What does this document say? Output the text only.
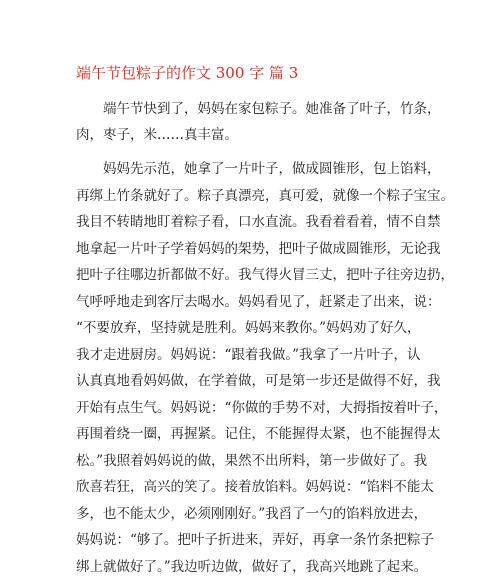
端午节包粽子的作文 300 字 篇 3

端午节快到了，妈妈在家包粽子。她准备了叶子，竹条，

肉，枣子，米……真丰富。

妈妈先示范，她拿了一片叶子，做成圆锥形，包上馅料，

再绑上竹条就好了。粽子真漂亮，真可爱，就像一个粽子宝宝。

我目不转睛地盯着粽子看，口水直流。我看着看着，情不自禁

地拿起一片叶子学着妈妈的架势，把叶子做成圆锥形，无论我

把叶子往哪边折都做不好。我气得火冒三丈，把叶子往旁边扔，

气呼呼地走到客厅去喝水。妈妈看见了，赶紧走了出来，说：

“不要放弃，坚持就是胜利。妈妈来教你。”妈妈劝了好久，

我才走进厨房。妈妈说：“跟着我做。”我拿了一片叶子，认

认真真地看妈妈做，在学着做，可是第一步还是做得不好，我

开始有点生气。妈妈说：“你做的手势不对，大拇指按着叶子，

再围着绕一圈，再握紧。记住，不能握得太紧，也不能握得太

松。”我照着妈妈说的做，果然不出所料，第一步做好了。我

欣喜若狂，高兴的笑了。接着放馅料。妈妈说：“馅料不能太

多，也不能太少，必须刚刚好。”我舀了一勺的馅料放进去，

妈妈说：“够了。把叶子折进来，弄好，再拿一条竹条把粽子

绑上就做好了。”我边听边做，做好了，我高兴地跳了起来。
